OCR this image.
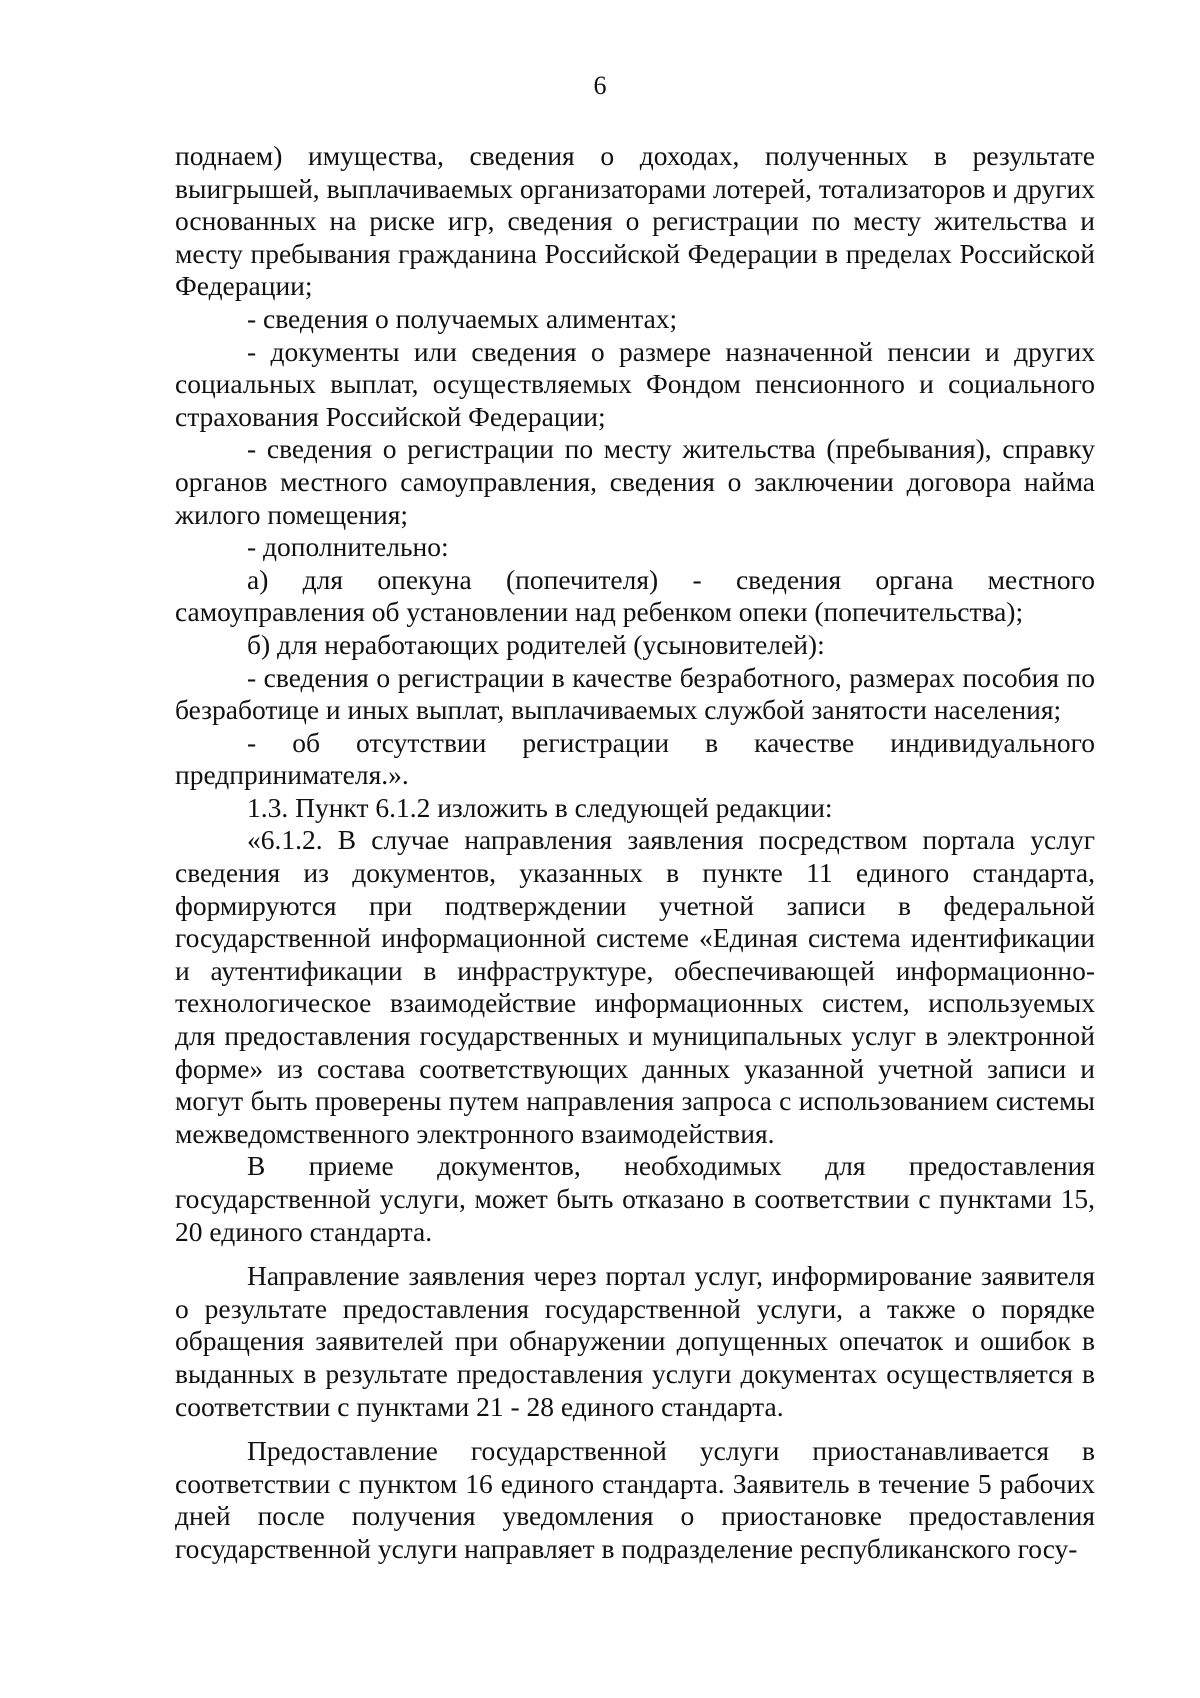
6

поднаем) имущества, сведения о доходах, полученных в результате выигрышей, выплачиваемых организаторами лотерей, тотализаторов и других основанных на риске игр, сведения о регистрации по месту жительства и месту пребывания гражданина Российской Федерации в пределах Российской Федерации;

- сведения о получаемых алиментах;

- документы или сведения о размере назначенной пенсии и других социальных выплат, осуществляемых Фондом пенсионного и социального страхования Российской Федерации;

- сведения о регистрации по месту жительства (пребывания), справку органов местного самоуправления, сведения о заключении договора найма жилого помещения;

- дополнительно:

а) для опекуна (попечителя) - сведения органа местного самоуправления об установлении над ребенком опеки (попечительства);

б) для неработающих родителей (усыновителей):

- сведения о регистрации в качестве безработного, размерах пособия по безработице и иных выплат, выплачиваемых службой занятости населения;

- об отсутствии регистрации в качестве индивидуального предпринимателя.».

1.3. Пункт 6.1.2 изложить в следующей редакции:

«6.1.2. В случае направления заявления посредством портала услуг сведения из документов, указанных в пункте 11 единого стандарта, формируются при подтверждении учетной записи в федеральной государственной информационной системе «Единая система идентификации и аутентификации в инфраструктуре, обеспечивающей информационно-технологическое взаимодействие информационных систем, используемых для предоставления государственных и муниципальных услуг в электронной форме» из состава соответствующих данных указанной учетной записи и могут быть проверены путем направления запроса с использованием системы межведомственного электронного взаимодействия.

В приеме документов, необходимых для предоставления государственной услуги, может быть отказано в соответствии с пунктами 15, 20 единого стандарта.

Направление заявления через портал услуг, информирование заявителя о результате предоставления государственной услуги, а также о порядке обращения заявителей при обнаружении допущенных опечаток и ошибок в выданных в результате предоставления услуги документах осуществляется в соответствии с пунктами 21 - 28 единого стандарта.

Предоставление государственной услуги приостанавливается в соответствии с пунктом 16 единого стандарта. Заявитель в течение 5 рабочих дней после получения уведомления о приостановке предоставления государственной услуги направляет в подразделение республиканского госу-
